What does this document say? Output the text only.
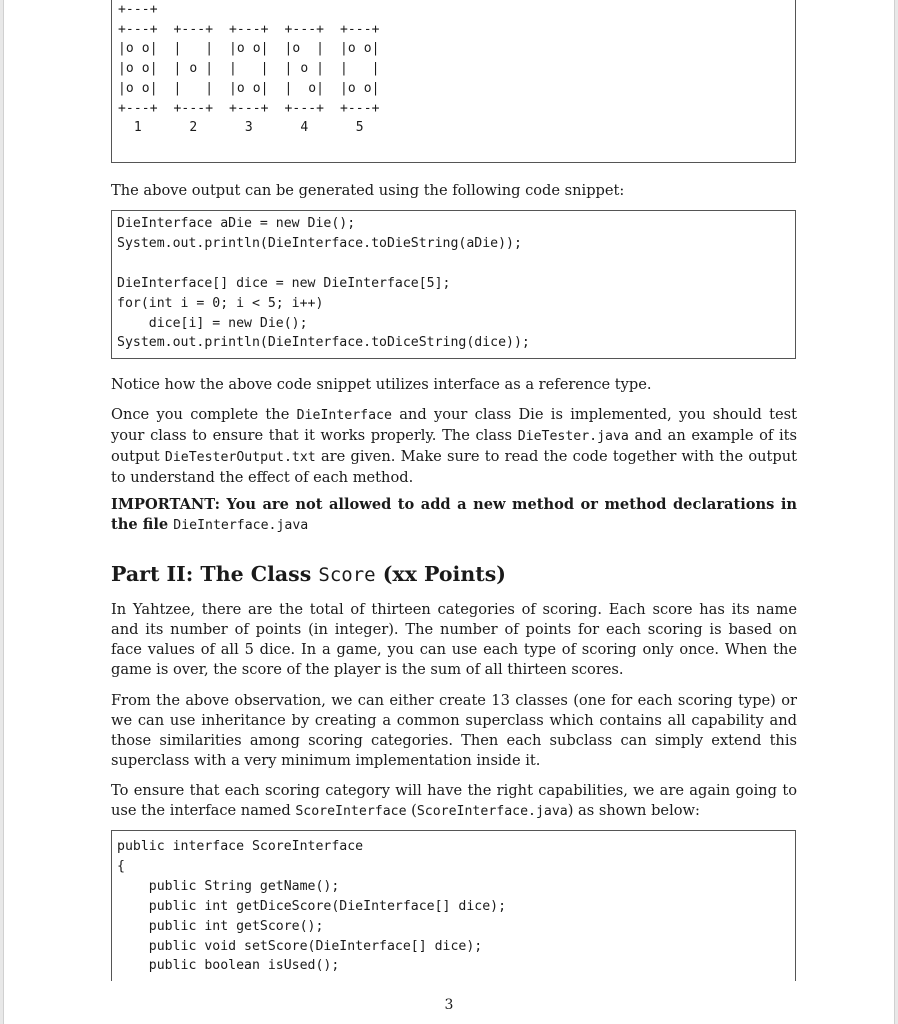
+---+
+---+  +---+  +---+  +---+  +---+
|o o|  |   |  |o o|  |o  |  |o o|
|o o|  | o |  |   |  | o |  |   |
|o o|  |   |  |o o|  |  o|  |o o|
+---+  +---+  +---+  +---+  +---+
1      2      3      4      5

The above output can be generated using the following code snippet:

DieInterface aDie = new Die();
System.out.println(DieInterface.toDieString(aDie));

DieInterface[] dice = new DieInterface[5];
for(int i = 0; i < 5; i++)
dice[i] = new Die();
System.out.println(DieInterface.toDiceString(dice));

Notice how the above code snippet utilizes interface as a reference type.

Once you complete the DieInterface and your class Die is implemented, you should test your class to ensure that it works properly. The class DieTester.java and an example of its output DieTesterOutput.txt are given. Make sure to read the code together with the output to understand the effect of each method.

IMPORTANT: You are not allowed to add a new method or method declarations in the file DieInterface.java

Part II: The Class Score (xx Points)

In Yahtzee, there are the total of thirteen categories of scoring. Each score has its name and its number of points (in integer). The number of points for each scoring is based on face values of all 5 dice. In a game, you can use each type of scoring only once. When the game is over, the score of the player is the sum of all thirteen scores.

From the above observation, we can either create 13 classes (one for each scoring type) or we can use inheritance by creating a common superclass which contains all capability and those similarities among scoring categories. Then each subclass can simply extend this superclass with a very minimum implementation inside it.

To ensure that each scoring category will have the right capabilities, we are again going to use the interface named ScoreInterface (ScoreInterface.java) as shown below:

public interface ScoreInterface
{
public String getName();
public int getDiceScore(DieInterface[] dice);
public int getScore();
public void setScore(DieInterface[] dice);
public boolean isUsed();
3
